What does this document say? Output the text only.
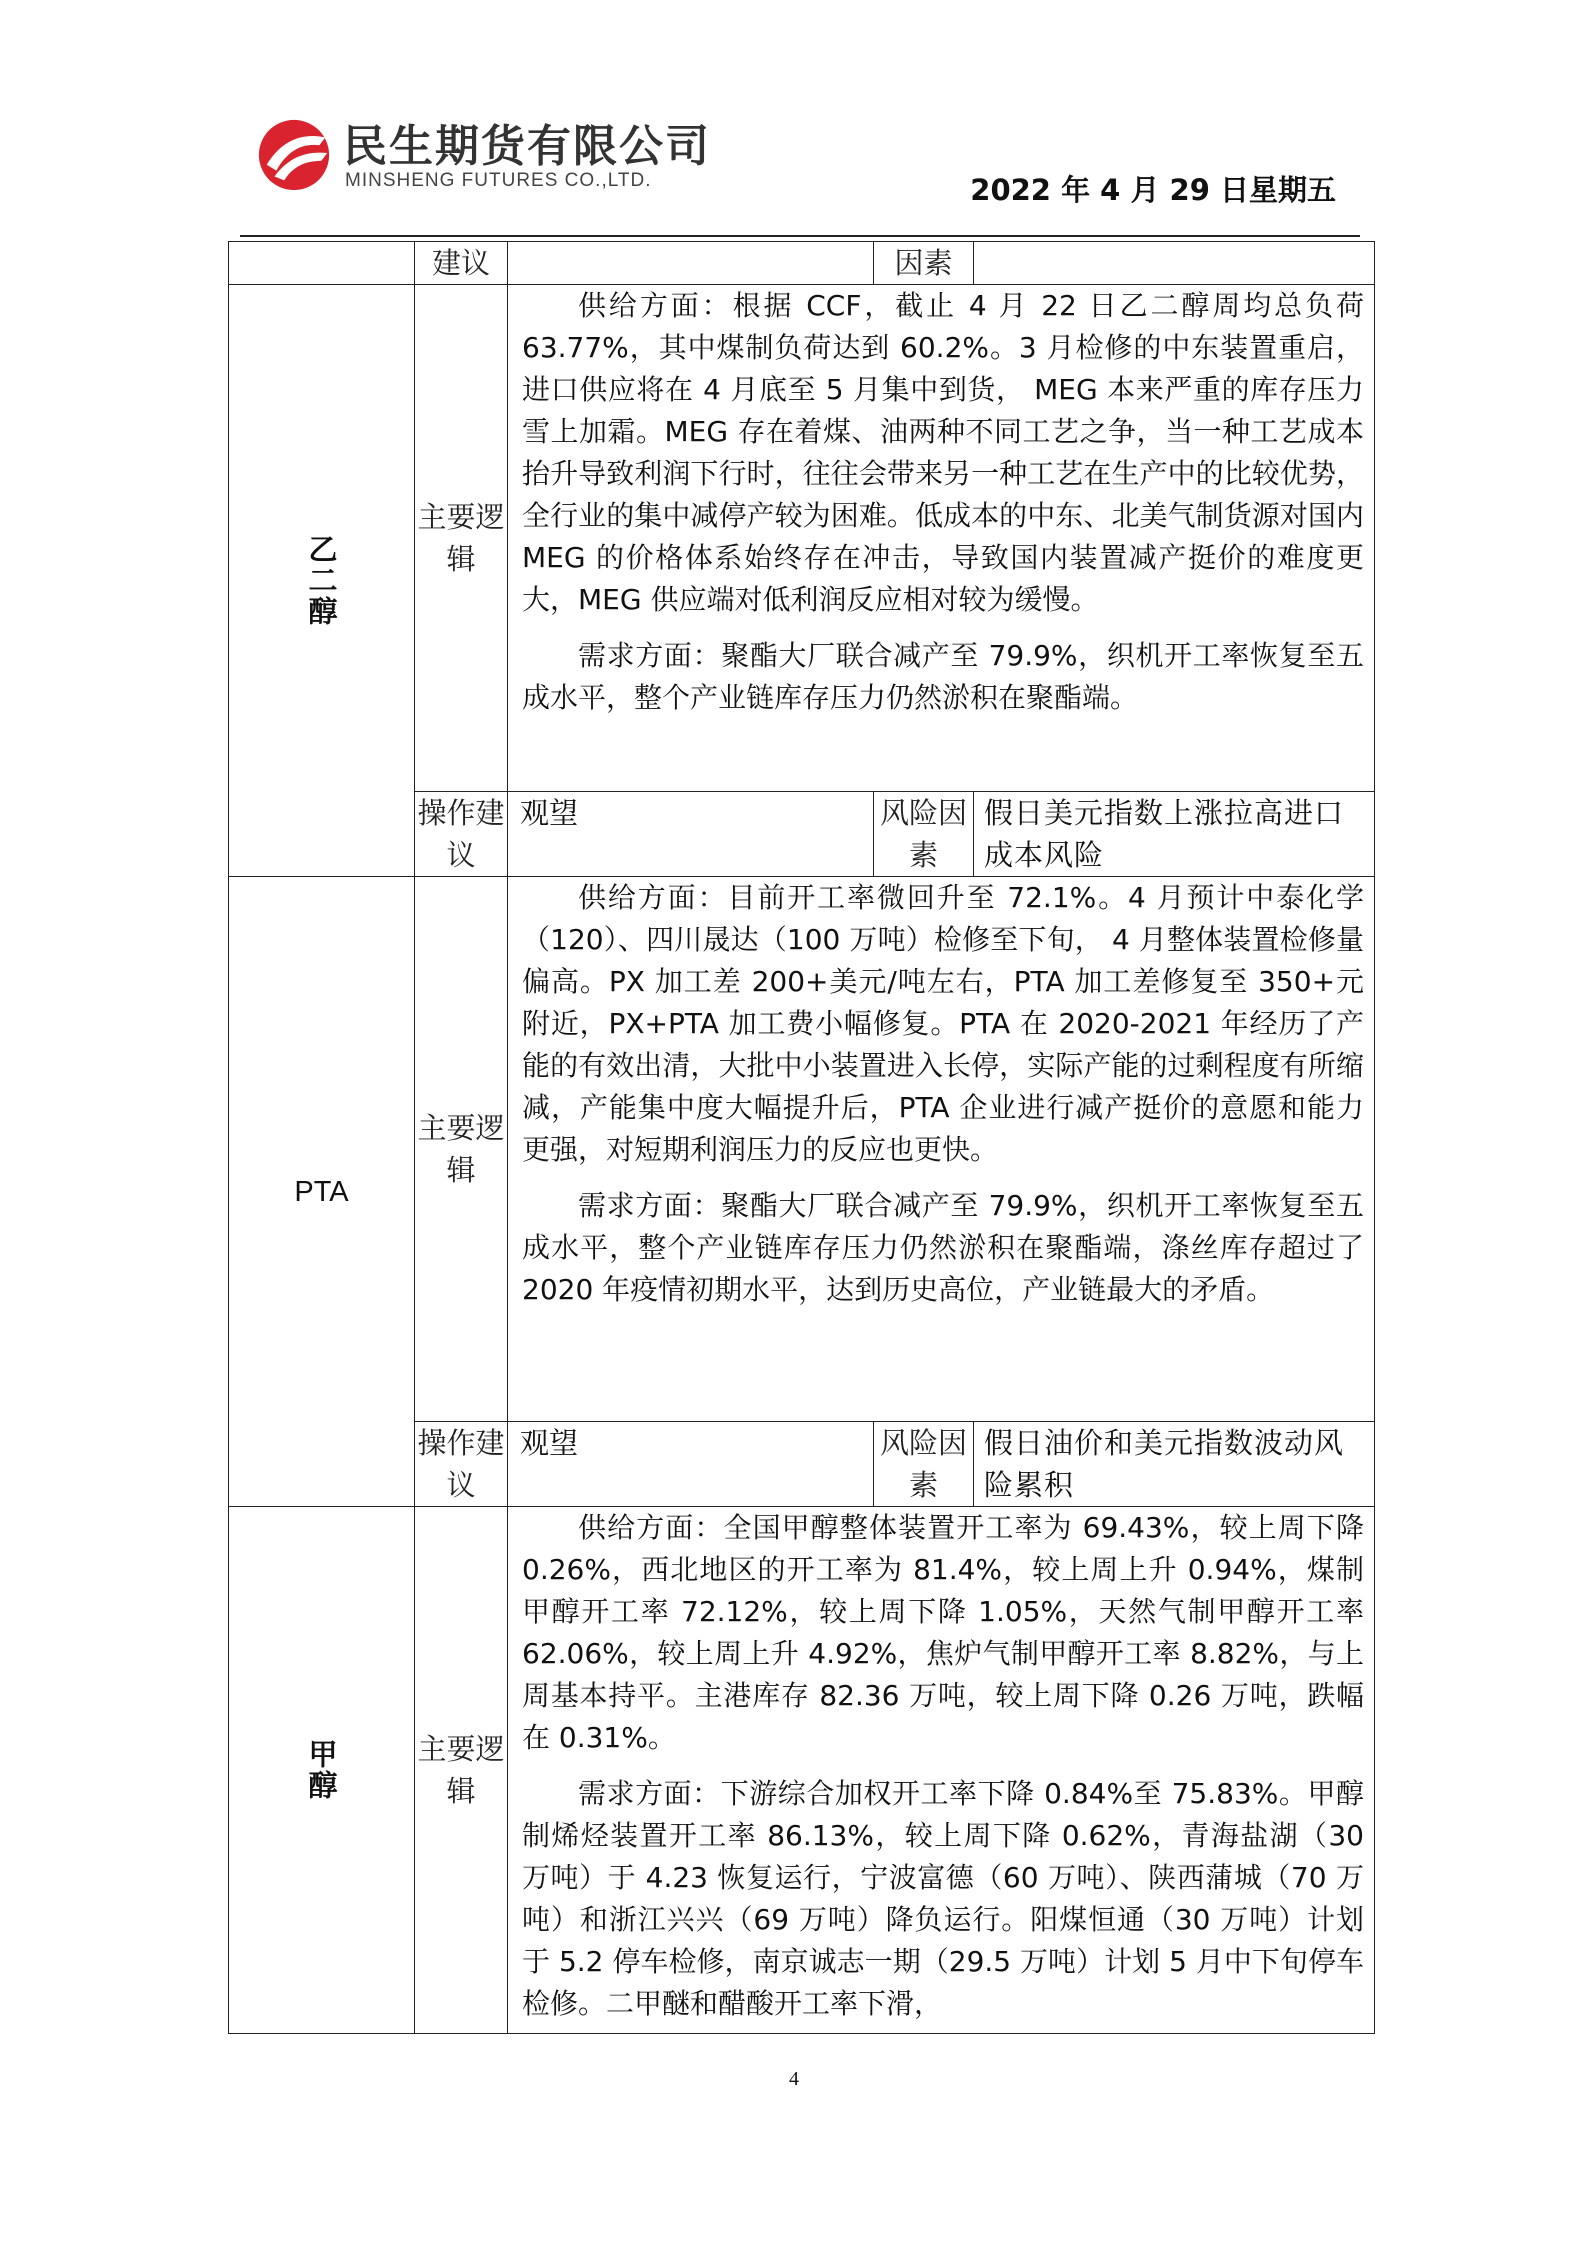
民生期货有限公司
MINSHENG FUTURES CO.,LTD.	2022 年 4 月 29 日星期五
	建议		因素	
乙二醇	主要逻辑	供给方面：根据 CCF，截止 4 月 22 日乙二醇周均总负荷 63.77%，其中煤制负荷达到 60.2%。3 月检修的中东装置重启，进口供应将在 4 月底至 5 月集中到货， MEG 本来严重的库存压力雪上加霜。MEG 存在着煤、油两种不同工艺之争，当一种工艺成本抬升导致利润下行时，往往会带来另一种工艺在生产中的比较优势，全行业的集中减停产较为困难。低成本的中东、北美气制货源对国内 MEG 的价格体系始终存在冲击，导致国内装置减产挺价的难度更大，MEG 供应端对低利润反应相对较为缓慢。

需求方面：聚酯大厂联合减产至 79.9%，织机开工率恢复至五成水平，整个产业链库存压力仍然淤积在聚酯端。		

	操作建议	观望	风险因素	假日美元指数上涨拉高进口成本风险
PTA	主要逻辑	供给方面：目前开工率微回升至 72.1%。4 月预计中泰化学（120）、四川晟达（100 万吨）检修至下旬， 4 月整体装置检修量偏高。PX 加工差 200+美元/吨左右，PTA 加工差修复至 350+元附近，PX+PTA 加工费小幅修复。PTA 在 2020-2021 年经历了产能的有效出清，大批中小装置进入长停，实际产能的过剩程度有所缩减，产能集中度大幅提升后，PTA 企业进行减产挺价的意愿和能力更强，对短期利润压力的反应也更快。

需求方面：聚酯大厂联合减产至 79.9%，织机开工率恢复至五成水平，整个产业链库存压力仍然淤积在聚酯端，涤丝库存超过了 2020 年疫情初期水平，达到历史高位，产业链最大的矛盾。		

	操作建议	观望	风险因素	假日油价和美元指数波动风险累积
甲醇	主要逻辑	供给方面：全国甲醇整体装置开工率为 69.43%，较上周下降 0.26%，西北地区的开工率为 81.4%，较上周上升 0.94%，煤制甲醇开工率 72.12%，较上周下降 1.05%，天然气制甲醇开工率 62.06%，较上周上升 4.92%，焦炉气制甲醇开工率 8.82%，与上周基本持平。主港库存 82.36 万吨，较上周下降 0.26 万吨，跌幅在 0.31%。

需求方面：下游综合加权开工率下降 0.84%至 75.83%。甲醇制烯烃装置开工率 86.13%，较上周下降 0.62%，青海盐湖（30 万吨）于 4.23 恢复运行，宁波富德（60 万吨）、陕西蒲城（70 万吨）和浙江兴兴（69 万吨）降负运行。阳煤恒通（30 万吨）计划于 5.2 停车检修，南京诚志一期（29.5 万吨）计划 5 月中下旬停车检修。二甲醚和醋酸开工率下滑，		

4
